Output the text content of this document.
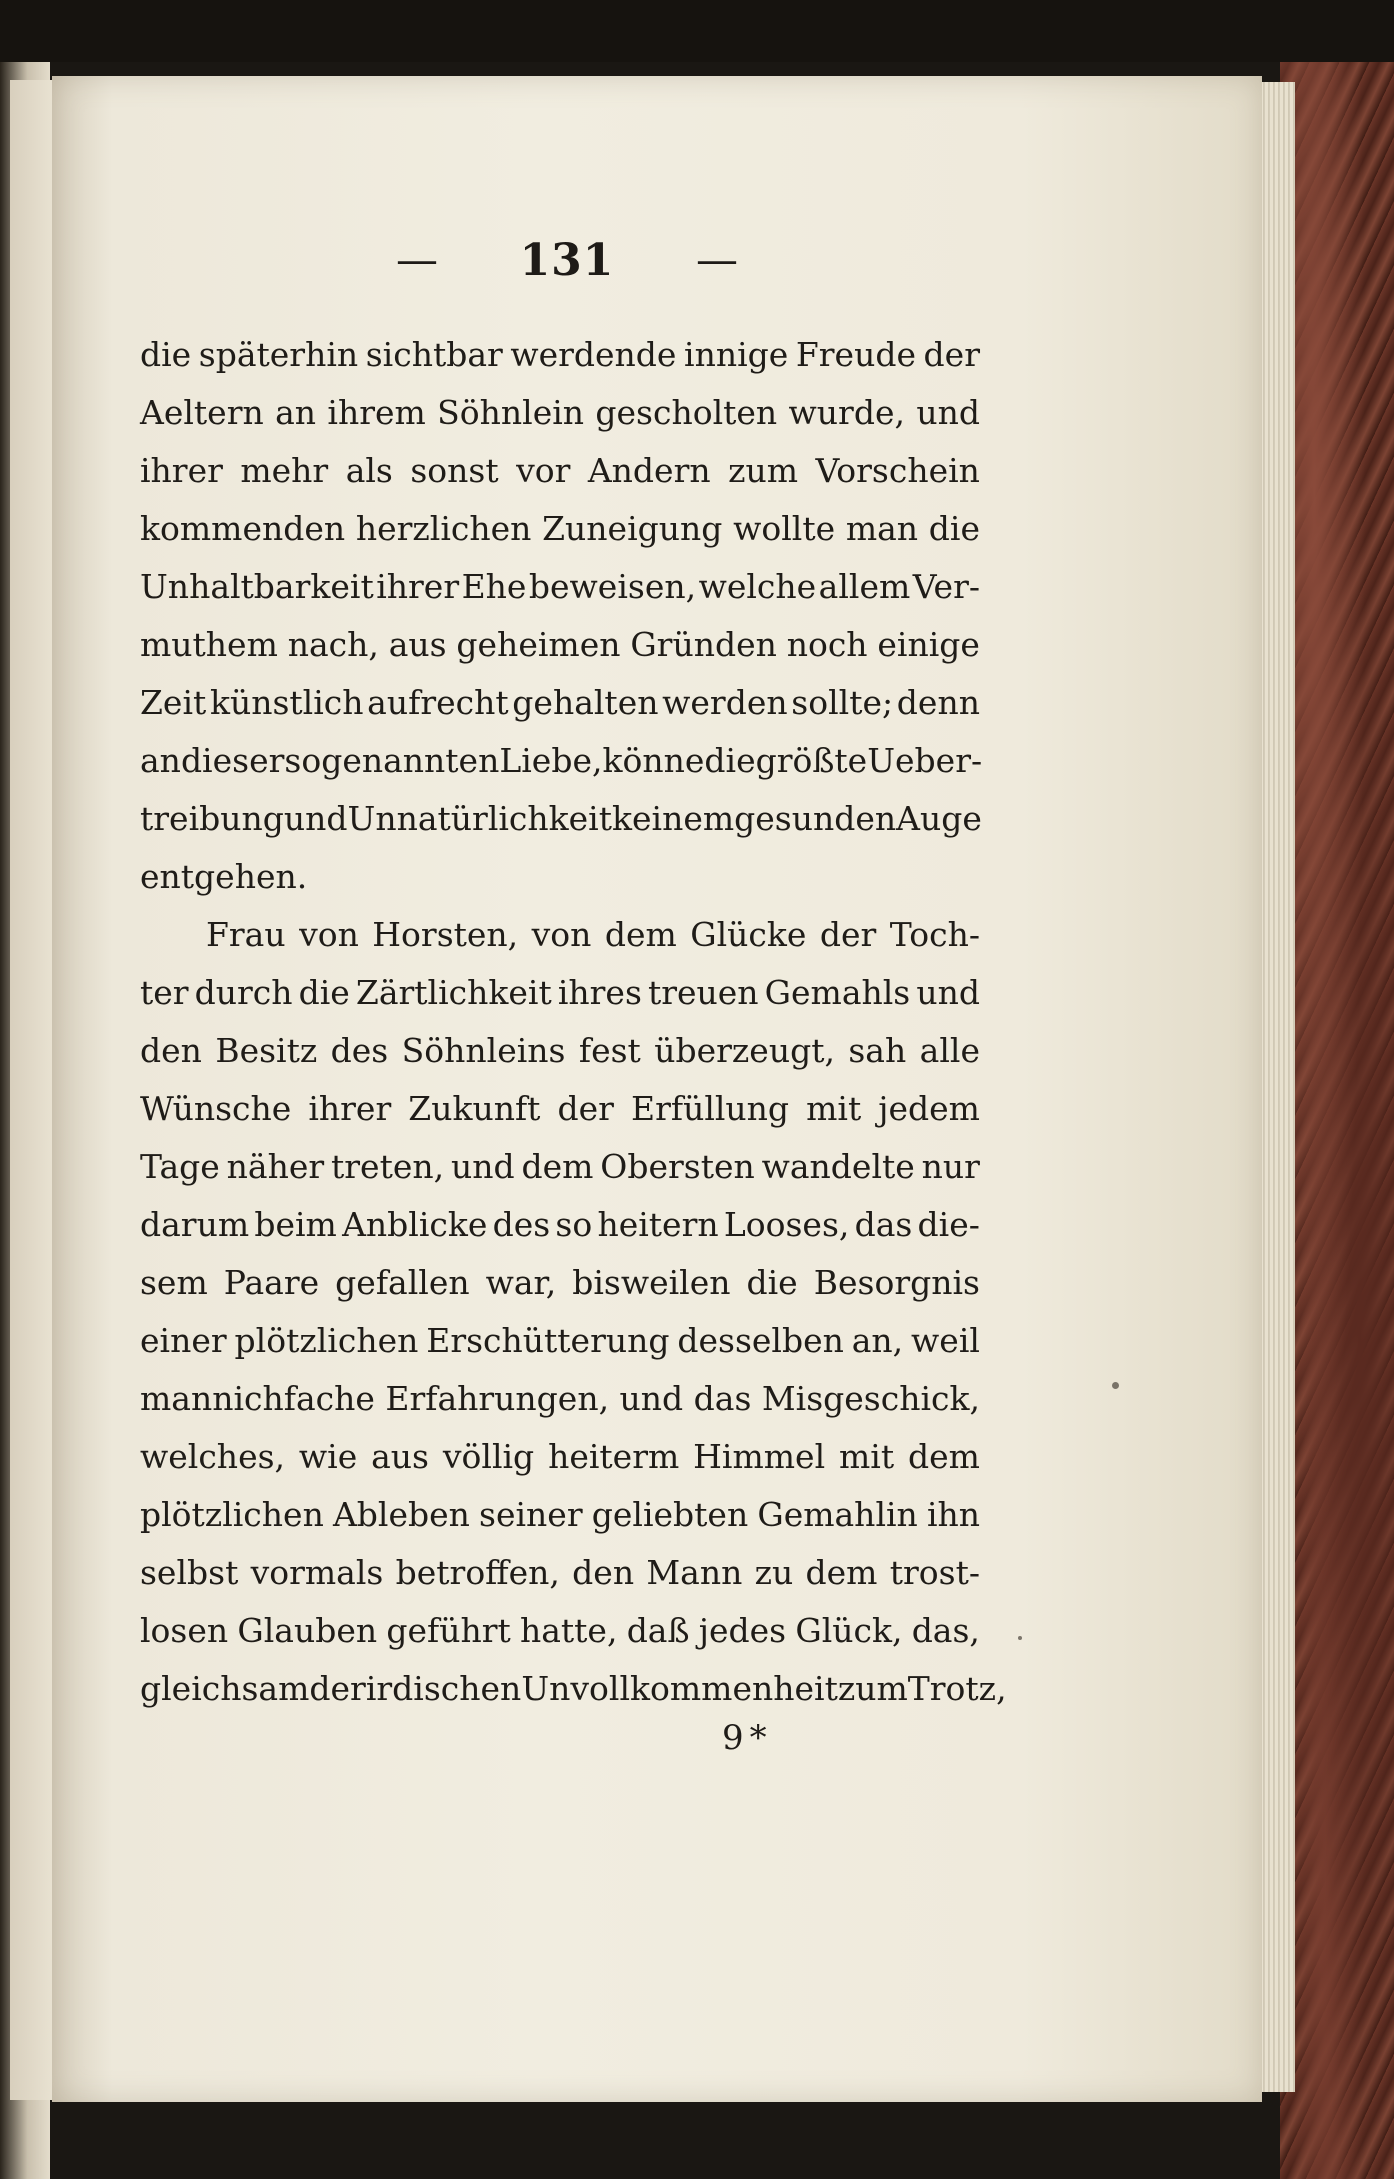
— 131 —
die späterhin sichtbar werdende innige Freude der
Aeltern an ihrem Söhnlein gescholten wurde, und
ihrer mehr als sonst vor Andern zum Vorschein
kommenden herzlichen Zuneigung wollte man die
Unhaltbarkeit ihrer Ehe beweisen, welche allem Ver-
muthem nach, aus geheimen Gründen noch einige
Zeit künstlich aufrecht gehalten werden sollte; denn
an dieser sogenannten Liebe, könne die größte Ueber-
treibung und Unnatürlichkeit keinem gesunden Auge
entgehen.
Frau von Horsten, von dem Glücke der Toch-
ter durch die Zärtlichkeit ihres treuen Gemahls und
den Besitz des Söhnleins fest überzeugt, sah alle
Wünsche ihrer Zukunft der Erfüllung mit jedem
Tage näher treten, und dem Obersten wandelte nur
darum beim Anblicke des so heitern Looses, das die-
sem Paare gefallen war, bisweilen die Besorgnis
einer plötzlichen Erschütterung desselben an, weil
mannichfache Erfahrungen, und das Misgeschick,
welches, wie aus völlig heiterm Himmel mit dem
plötzlichen Ableben seiner geliebten Gemahlin ihn
selbst vormals betroffen, den Mann zu dem trost-
losen Glauben geführt hatte, daß jedes Glück, das,
gleichsam der irdischen Unvollkommenheit zum Trotz,
9*
